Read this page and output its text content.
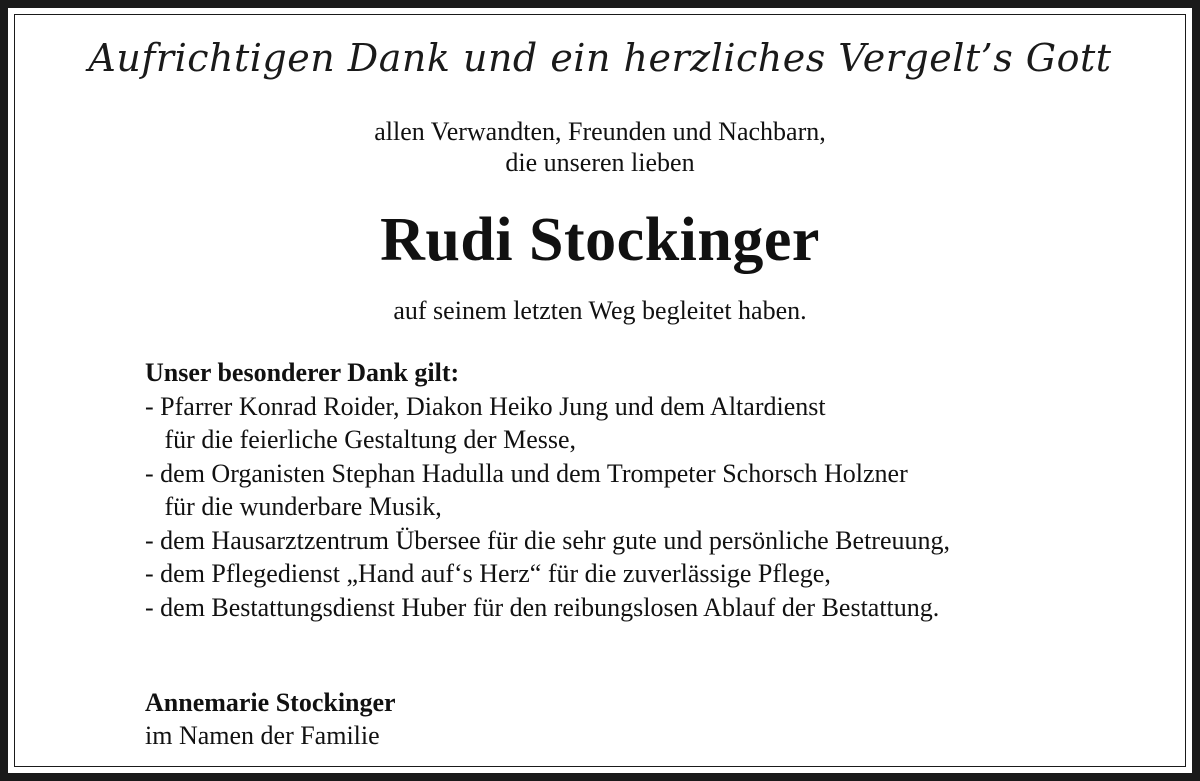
Aufrichtigen Dank und ein herzliches Vergelt’s Gott
allen Verwandten, Freunden und Nachbarn,
die unseren lieben
Rudi Stockinger
auf seinem letzten Weg begleitet haben.
Unser besonderer Dank gilt:
- Pfarrer Konrad Roider, Diakon Heiko Jung und dem Altardienst
für die feierliche Gestaltung der Messe,
- dem Organisten Stephan Hadulla und dem Trompeter Schorsch Holzner
für die wunderbare Musik,
- dem Hausarztzentrum Übersee für die sehr gute und persönliche Betreuung,
- dem Pflegedienst „Hand auf‘s Herz“ für die zuverlässige Pflege,
- dem Bestattungsdienst Huber für den reibungslosen Ablauf der Bestattung.
Annemarie Stockinger
im Namen der Familie
